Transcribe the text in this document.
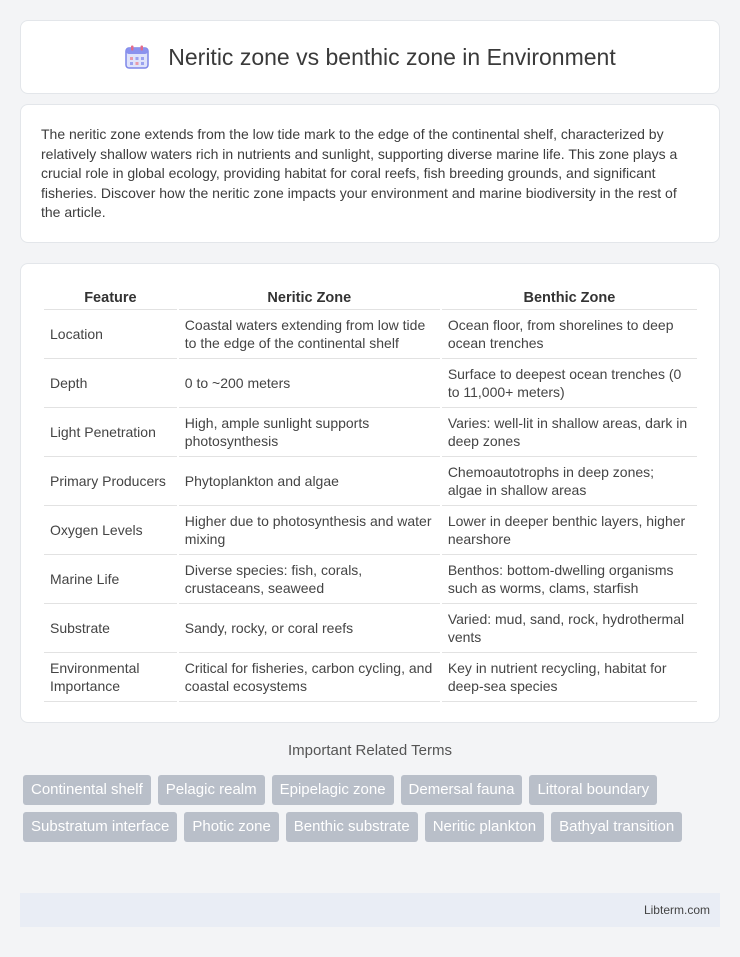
Neritic zone vs benthic zone in Environment

The neritic zone extends from the low tide mark to the edge of the continental shelf, characterized by relatively shallow waters rich in nutrients and sunlight, supporting diverse marine life. This zone plays a crucial role in global ecology, providing habitat for coral reefs, fish breeding grounds, and significant fisheries. Discover how the neritic zone impacts your environment and marine biodiversity in the rest of the article.

Feature	Neritic Zone	Benthic Zone
Location	Coastal waters extending from low tide to the edge of the continental shelf	Ocean floor, from shorelines to deep ocean trenches
Depth	0 to ~200 meters	Surface to deepest ocean trenches (0 to 11,000+ meters)
Light Penetration	High, ample sunlight supports photosynthesis	Varies: well-lit in shallow areas, dark in deep zones
Primary Producers	Phytoplankton and algae	Chemoautotrophs in deep zones; algae in shallow areas
Oxygen Levels	Higher due to photosynthesis and water mixing	Lower in deeper benthic layers, higher nearshore
Marine Life	Diverse species: fish, corals, crustaceans, seaweed	Benthos: bottom-dwelling organisms such as worms, clams, starfish
Substrate	Sandy, rocky, or coral reefs	Varied: mud, sand, rock, hydrothermal vents
Environmental Importance	Critical for fisheries, carbon cycling, and coastal ecosystems	Key in nutrient recycling, habitat for deep-sea species
Important Related Terms
Continental shelf	Pelagic realm	Epipelagic zone	Demersal fauna	Littoral boundary
Substratum interface	Photic zone	Benthic substrate	Neritic plankton	Bathyal transition
Libterm.com
